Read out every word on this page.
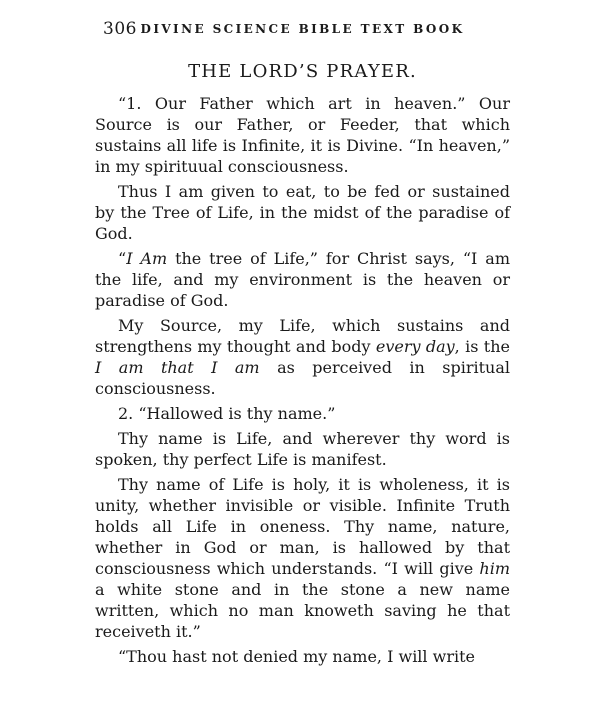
306 DIVINE SCIENCE BIBLE TEXT BOOK
THE LORD’S PRAYER.

“1. Our Father which art in heaven.” Our Source is our Father, or Feeder, that which sustains all life is Infinite, it is Divine. “In heaven,” in my spirituual consciousness.

Thus I am given to eat, to be fed or sustained by the Tree of Life, in the midst of the paradise of God.

“I Am the tree of Life,” for Christ says, “I am the life, and my environment is the heaven or paradise of God.

My Source, my Life, which sustains and strengthens my thought and body every day, is the I am that I am as perceived in spiritual consciousness.

2. “Hallowed is thy name.”

Thy name is Life, and wherever thy word is spoken, thy perfect Life is manifest.

Thy name of Life is holy, it is wholeness, it is unity, whether invisible or visible. Infinite Truth holds all Life in oneness. Thy name, nature, whether in God or man, is hallowed by that consciousness which understands. “I will give him a white stone and in the stone a new name written, which no man knoweth saving he that receiveth it.”

“Thou hast not denied my name, I will write
